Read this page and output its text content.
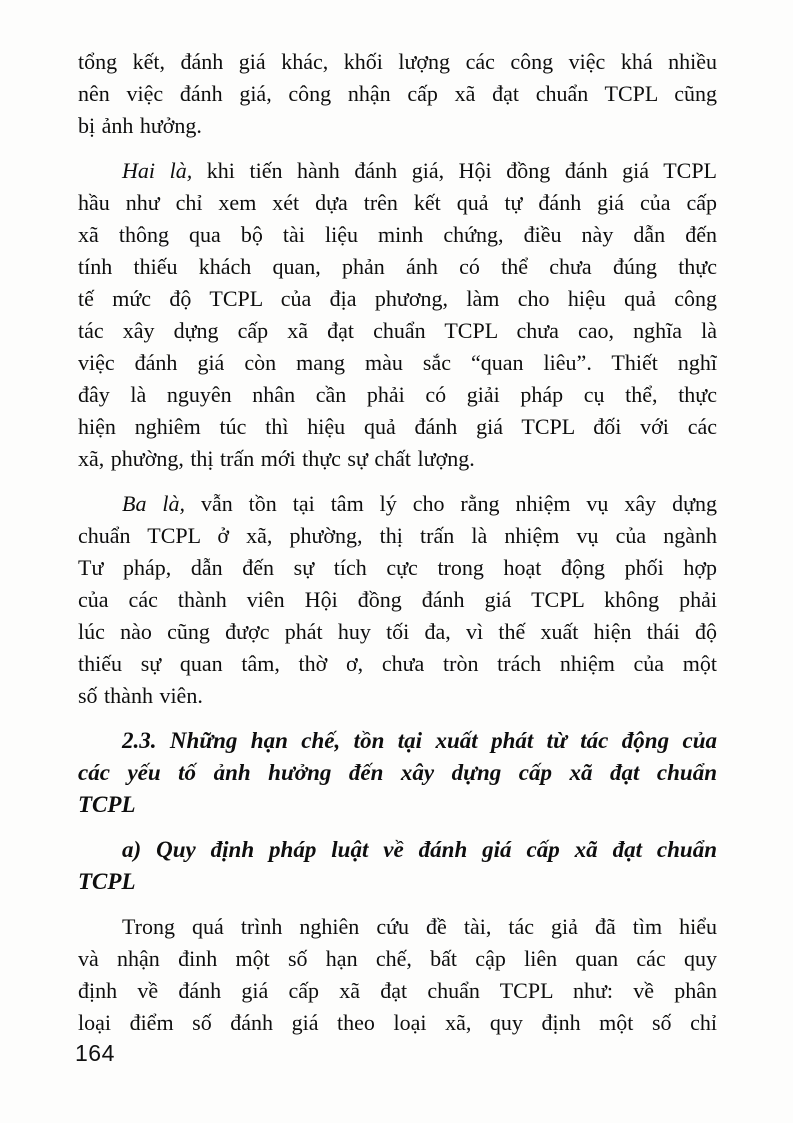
tổng kết, đánh giá khác, khối lượng các công việc khá nhiều
nên việc đánh giá, công nhận cấp xã đạt chuẩn TCPL cũng
bị ảnh hưởng.
Hai là, khi tiến hành đánh giá, Hội đồng đánh giá TCPL
hầu như chỉ xem xét dựa trên kết quả tự đánh giá của cấp
xã thông qua bộ tài liệu minh chứng, điều này dẫn đến
tính thiếu khách quan, phản ánh có thể chưa đúng thực
tế mức độ TCPL của địa phương, làm cho hiệu quả công
tác xây dựng cấp xã đạt chuẩn TCPL chưa cao, nghĩa là
việc đánh giá còn mang màu sắc “quan liêu”. Thiết nghĩ
đây là nguyên nhân cần phải có giải pháp cụ thể, thực
hiện nghiêm túc thì hiệu quả đánh giá TCPL đối với các
xã, phường, thị trấn mới thực sự chất lượng.
Ba là, vẫn tồn tại tâm lý cho rằng nhiệm vụ xây dựng
chuẩn TCPL ở xã, phường, thị trấn là nhiệm vụ của ngành
Tư pháp, dẫn đến sự tích cực trong hoạt động phối hợp
của các thành viên Hội đồng đánh giá TCPL không phải
lúc nào cũng được phát huy tối đa, vì thế xuất hiện thái độ
thiếu sự quan tâm, thờ ơ, chưa tròn trách nhiệm của một
số thành viên.
2.3. Những hạn chế, tồn tại xuất phát từ tác động của
các yếu tố ảnh hưởng đến xây dựng cấp xã đạt chuẩn
TCPL
a) Quy định pháp luật về đánh giá cấp xã đạt chuẩn
TCPL
Trong quá trình nghiên cứu đề tài, tác giả đã tìm hiểu
và nhận đinh một số hạn chế, bất cập liên quan các quy
định về đánh giá cấp xã đạt chuẩn TCPL như: về phân
loại điểm số đánh giá theo loại xã, quy định một số chỉ
164
